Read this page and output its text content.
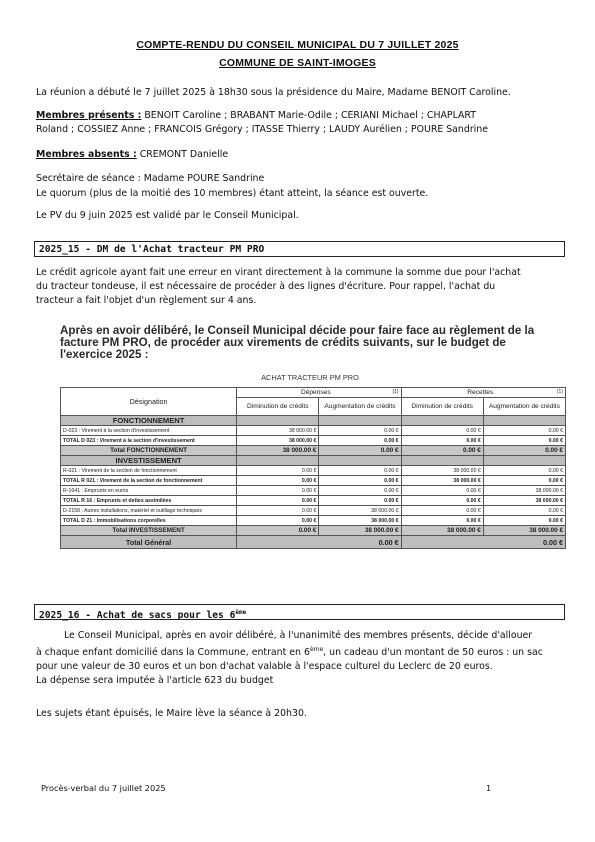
COMPTE-RENDU DU CONSEIL MUNICIPAL DU 7 JUILLET 2025
COMMUNE DE SAINT-IMOGES
La réunion a débuté le 7 juillet 2025 à 18h30 sous la présidence du Maire, Madame BENOIT Caroline.
Membres présents : BENOIT Caroline ; BRABANT Marie-Odile ; CERIANI Michael ; CHAPLART
Roland ; COSSIEZ Anne ; FRANCOIS Grégory ; ITASSE Thierry ; LAUDY Aurélien ; POURE Sandrine
Membres absents : CREMONT Danielle
Secrétaire de séance : Madame POURE Sandrine
Le quorum (plus de la moitié des 10 membres) étant atteint, la séance est ouverte.
Le PV du 9 juin 2025 est validé par le Conseil Municipal.
2025_15 - DM de l'Achat tracteur PM PRO
Le crédit agricole ayant fait une erreur en virant directement à la commune la somme due pour l'achat
du tracteur tondeuse, il est nécessaire de procéder à des lignes d'écriture. Pour rappel, l'achat du
tracteur a fait l'objet d'un règlement sur 4 ans.
Après en avoir délibéré, le Conseil Municipal décide pour faire face au règlement de la
facture PM PRO, de procéder aux virements de crédits suivants, sur le budget de
l'exercice 2025 :
ACHAT TRACTEUR PM PRO
Désignation	Dépenses (1)		Recettes (1)	

	Diminution de crédits	Augmentation de crédits	Diminution de crédits	Augmentation de crédits
FONCTIONNEMENT				
D-023 : Virement à la section d'investissement	38 000.00 €	0.00 €	0.00 €	0.00 €
TOTAL D 023 : Virement à la section d'investissement	38 000.00 €	0.00 €	0.00 €	0.00 €
Total FONCTIONNEMENT	38 000.00 €	0.00 €	0.00 €	0.00 €
INVESTISSEMENT				
R-021 : Virement de la section de fonctionnement	0.00 €	0.00 €	38 000.00 €	0.00 €
TOTAL R 021 : Virement de la section de fonctionnement	0.00 €	0.00 €	38 000.00 €	0.00 €
R-1641 : Emprunts en euros	0.00 €	0.00 €	0.00 €	38 000.00 €
TOTAL R 16 : Emprunts et dettes assimilées	0.00 €	0.00 €	0.00 €	38 000.00 €
D-2158 : Autres installations, matériel et outillage techniques	0.00 €	38 000.00 €	0.00 €	0.00 €
TOTAL D 21 : Immobilisations corporelles	0.00 €	38 000.00 €	0.00 €	0.00 €
Total INVESTISSEMENT	0.00 €	38 000.00 €	38 000.00 €	38 000.00 €
Total Général	0.00 €		0.00 €	
2025_16 - Achat de sacs pour les 6ème
Le Conseil Municipal, après en avoir délibéré, à l'unanimité des membres présents, décide d'allouer
à chaque enfant domicilié dans la Commune, entrant en 6ème, un cadeau d'un montant de 50 euros : un sac
pour une valeur de 30 euros et un bon d'achat valable à l'espace culturel du Leclerc de 20 euros.
La dépense sera imputée à l'article 623 du budget
Les sujets étant épuisés, le Maire lève la séance à 20h30.
Procès-verbal du 7 juillet 2025	1
